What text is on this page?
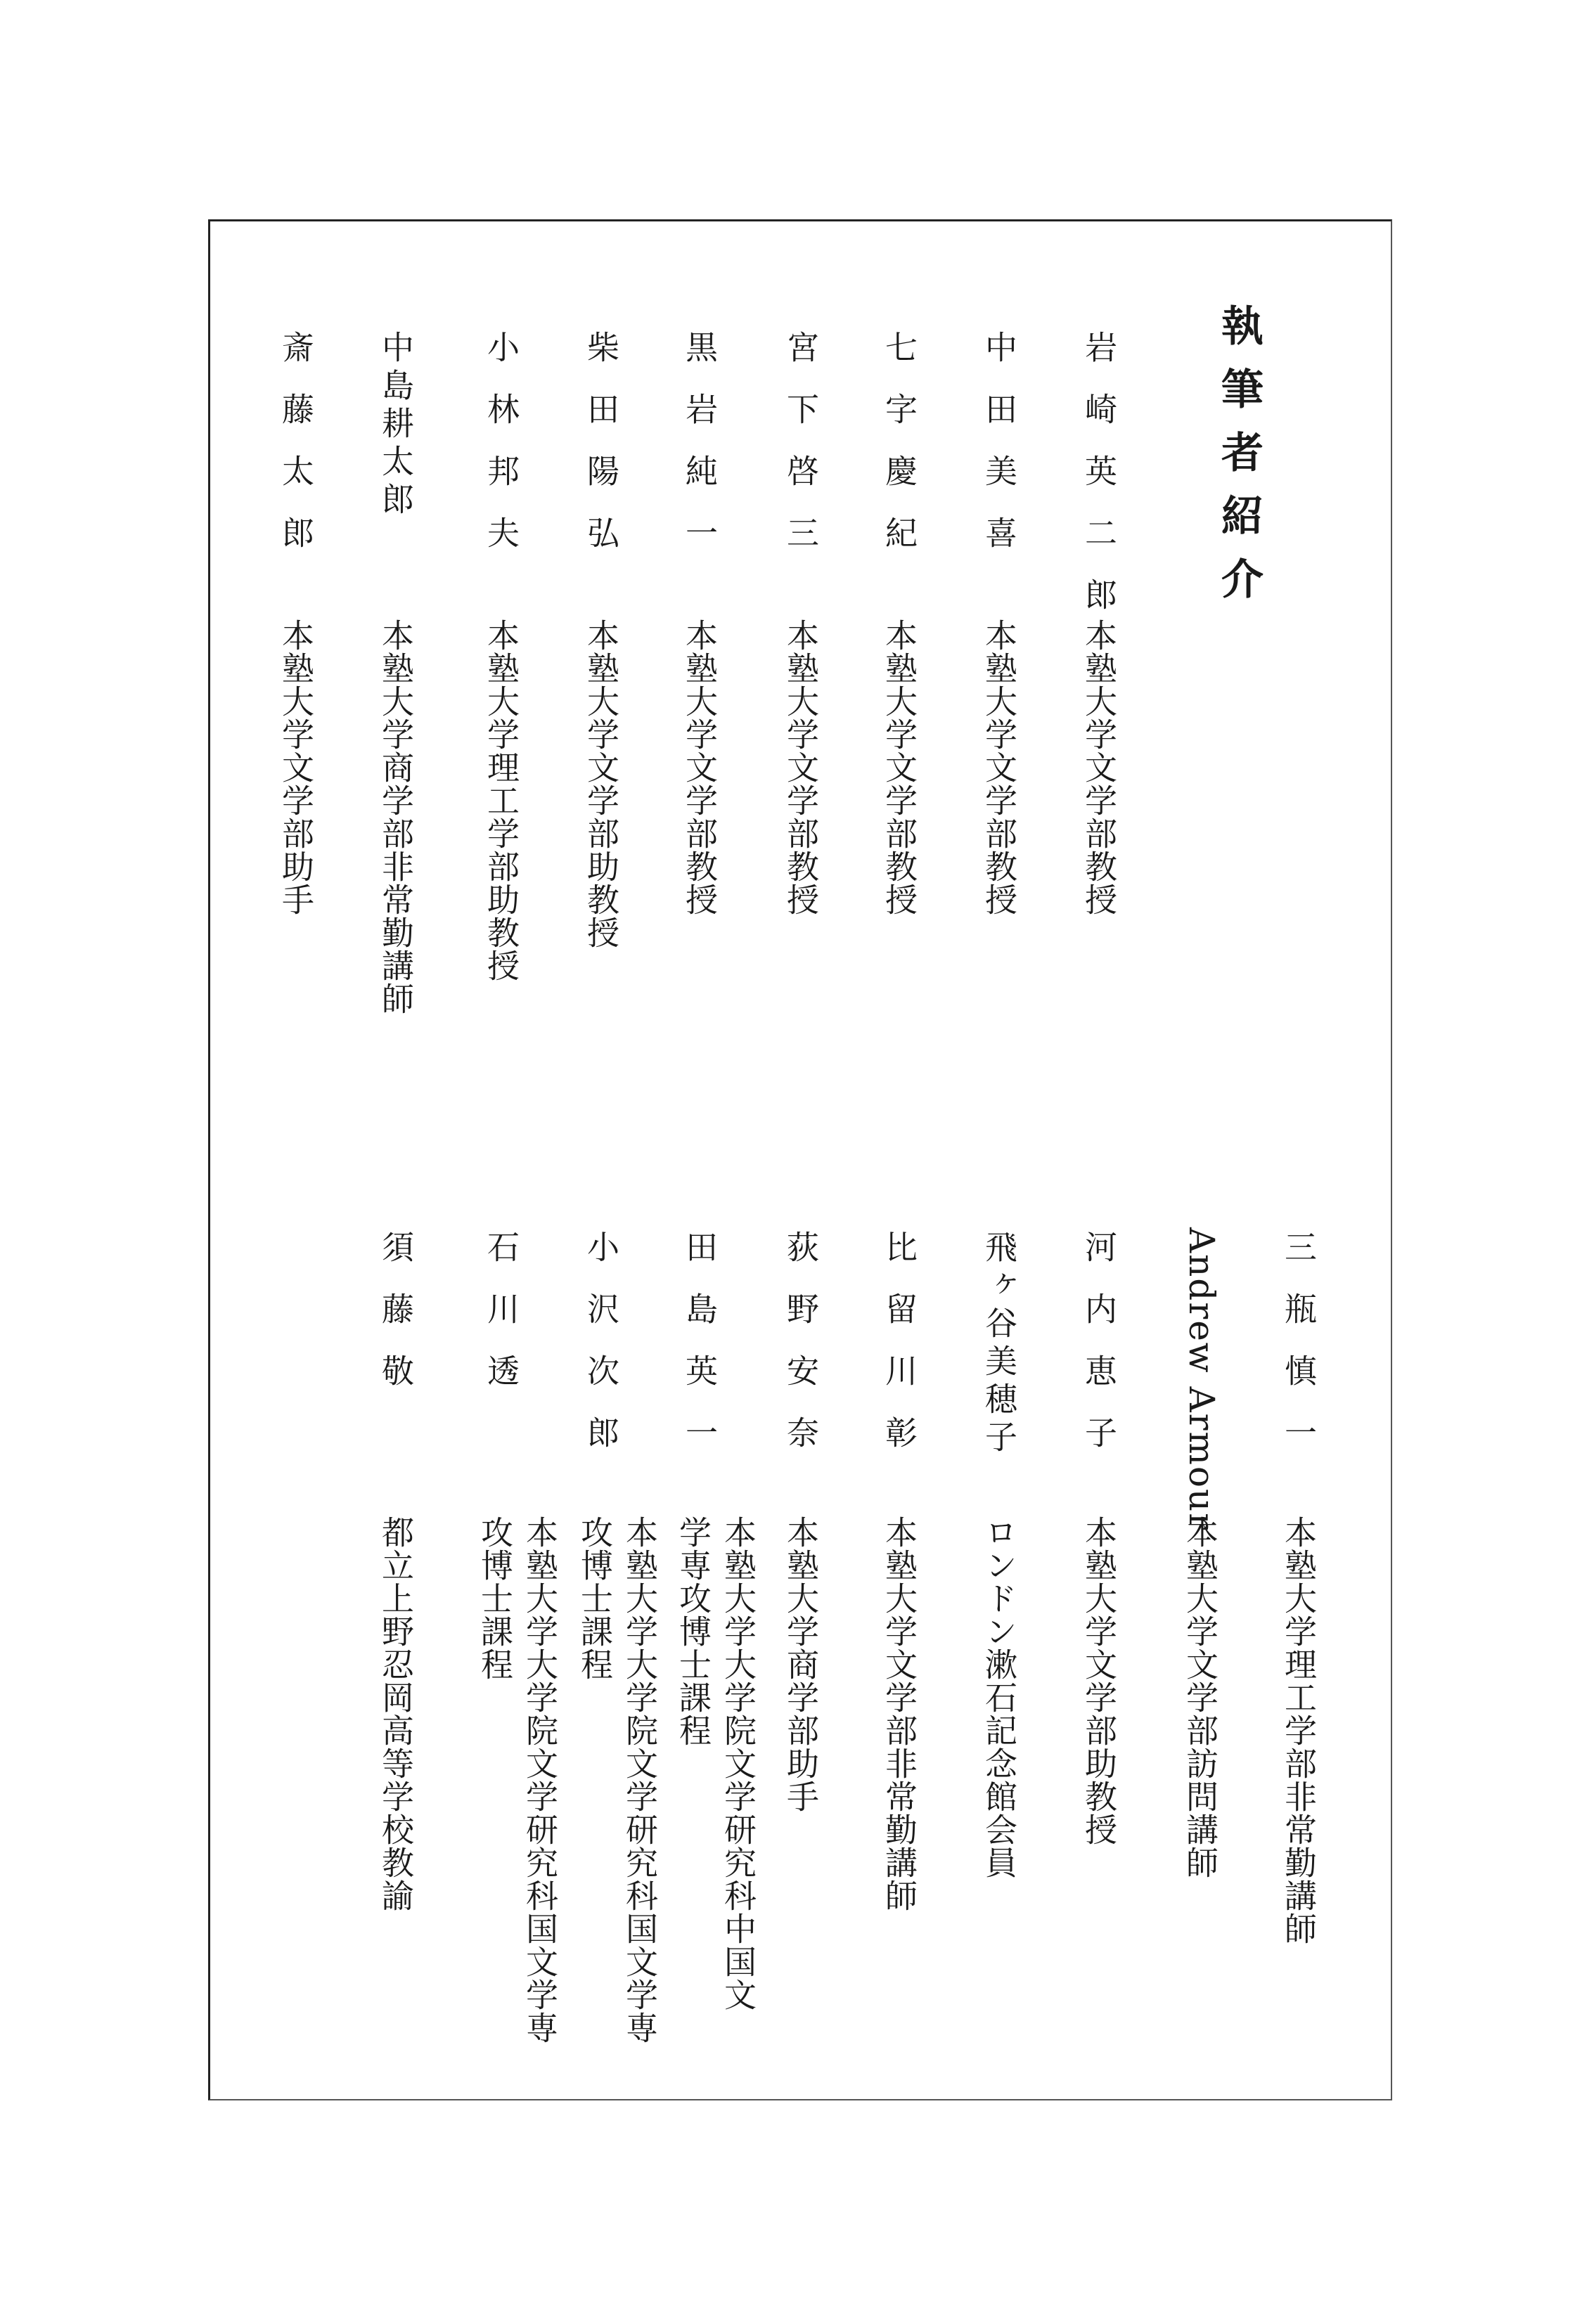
執筆者紹介
岩崎英二郎
本塾大学文学部教授
中田美喜
本塾大学文学部教授
七字慶紀
本塾大学文学部教授
宮下啓三
本塾大学文学部教授
黒岩純一
本塾大学文学部教授
柴田陽弘
本塾大学文学部助教授
小林邦夫
本塾大学理工学部助教授
中島耕太郎
本塾大学商学部非常勤講師
斎藤太郎
本塾大学文学部助手
三瓶慎一
本塾大学理工学部非常勤講師
Andrew Armour
本塾大学文学部訪問講師
河内恵子
本塾大学文学部助教授
飛ヶ谷美穂子
ロンドン漱石記念館会員
比留川彰
本塾大学文学部非常勤講師
荻野安奈
本塾大学商学部助手
田島英一
本塾大学大学院文学研究科中国文学専攻博士課程
小沢次郎
本塾大学大学院文学研究科国文学専攻博士課程
石川透
本塾大学大学院文学研究科国文学専攻博士課程
須藤敬
都立上野忍岡高等学校教諭
